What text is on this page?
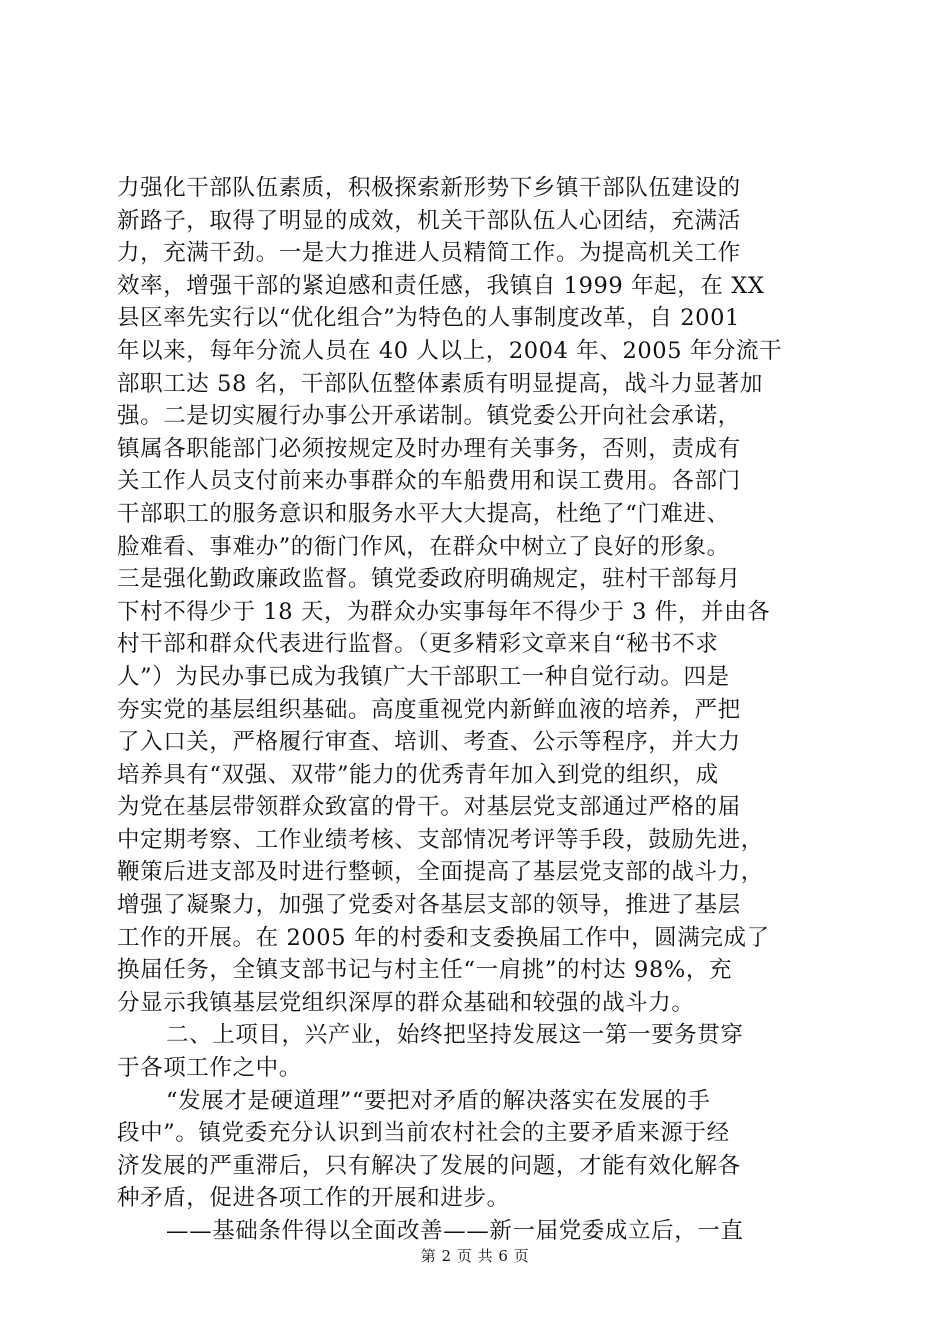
力强化干部队伍素质，积极探索新形势下乡镇干部队伍建设的
新路子，取得了明显的成效，机关干部队伍人心团结，充满活
力，充满干劲。一是大力推进人员精简工作。为提高机关工作
效率，增强干部的紧迫感和责任感，我镇自 1999 年起，在 XX
县区率先实行以“优化组合”为特色的人事制度改革，自 2001
年以来，每年分流人员在 40 人以上，2004 年、2005 年分流干
部职工达 58 名，干部队伍整体素质有明显提高，战斗力显著加
强。二是切实履行办事公开承诺制。镇党委公开向社会承诺，
镇属各职能部门必须按规定及时办理有关事务，否则，责成有
关工作人员支付前来办事群众的车船费用和误工费用。各部门
干部职工的服务意识和服务水平大大提高，杜绝了“门难进、
脸难看、事难办”的衙门作风，在群众中树立了良好的形象。
三是强化勤政廉政监督。镇党委政府明确规定，驻村干部每月
下村不得少于 18 天，为群众办实事每年不得少于 3 件，并由各
村干部和群众代表进行监督。（更多精彩文章来自“秘书不求
人”）为民办事已成为我镇广大干部职工一种自觉行动。四是
夯实党的基层组织基础。高度重视党内新鲜血液的培养，严把
了入口关，严格履行审查、培训、考查、公示等程序，并大力
培养具有“双强、双带”能力的优秀青年加入到党的组织，成
为党在基层带领群众致富的骨干。对基层党支部通过严格的届
中定期考察、工作业绩考核、支部情况考评等手段，鼓励先进，
鞭策后进支部及时进行整顿，全面提高了基层党支部的战斗力，
增强了凝聚力，加强了党委对各基层支部的领导，推进了基层
工作的开展。在 2005 年的村委和支委换届工作中，圆满完成了
换届任务，全镇支部书记与村主任“一肩挑”的村达 98%，充
分显示我镇基层党组织深厚的群众基础和较强的战斗力。
二、上项目，兴产业，始终把坚持发展这一第一要务贯穿
于各项工作之中。
“发展才是硬道理”“要把对矛盾的解决落实在发展的手
段中”。镇党委充分认识到当前农村社会的主要矛盾来源于经
济发展的严重滞后，只有解决了发展的问题，才能有效化解各
种矛盾，促进各项工作的开展和进步。
——基础条件得以全面改善——新一届党委成立后，一直
第 2 页 共 6 页
